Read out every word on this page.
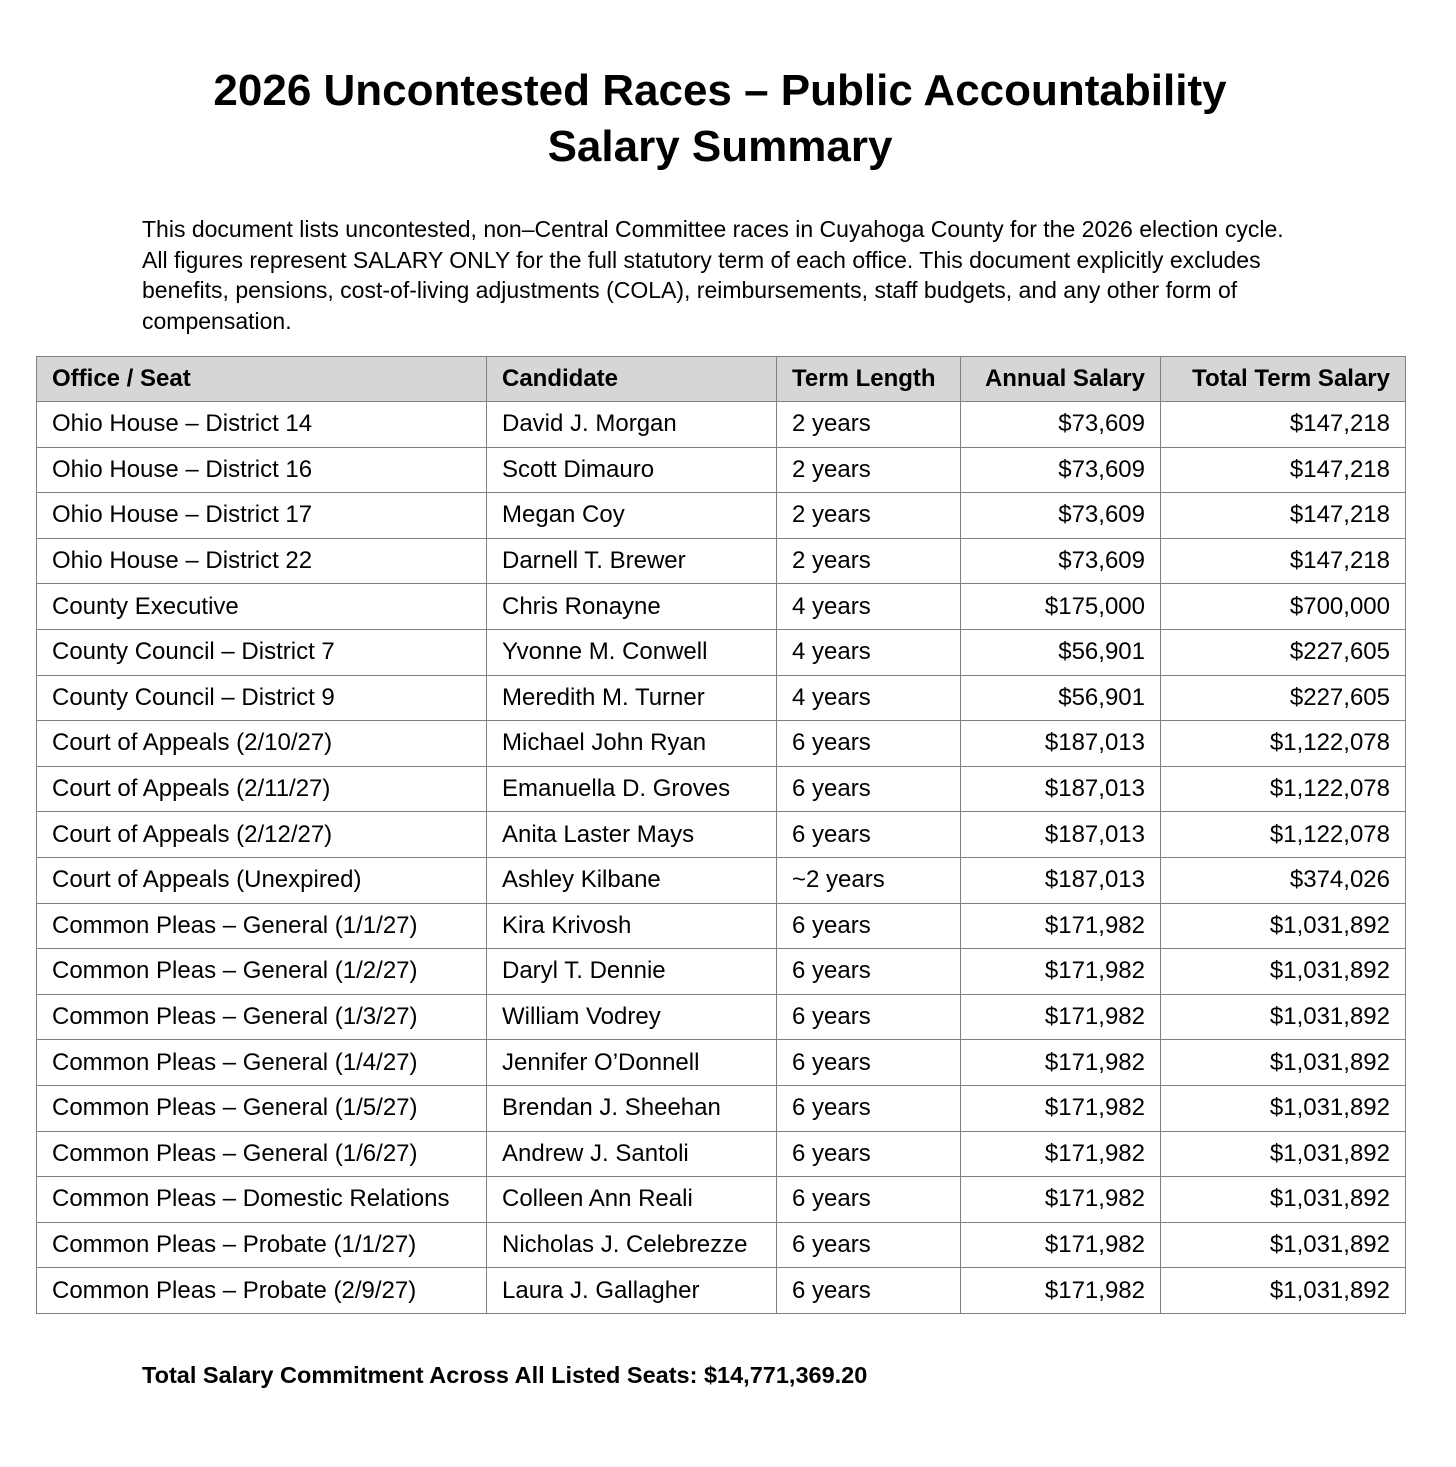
2026 Uncontested Races – Public Accountability
Salary Summary

This document lists uncontested, non–Central Committee races in Cuyahoga County for the 2026 election cycle. All figures represent SALARY ONLY for the full statutory term of each office. This document explicitly excludes benefits, pensions, cost-of-living adjustments (COLA), reimbursements, staff budgets, and any other form of compensation.

Office / Seat	Candidate	Term Length	Annual Salary	Total Term Salary
Ohio House – District 14	David J. Morgan	2 years	$73,609	$147,218
Ohio House – District 16	Scott Dimauro	2 years	$73,609	$147,218
Ohio House – District 17	Megan Coy	2 years	$73,609	$147,218
Ohio House – District 22	Darnell T. Brewer	2 years	$73,609	$147,218
County Executive	Chris Ronayne	4 years	$175,000	$700,000
County Council – District 7	Yvonne M. Conwell	4 years	$56,901	$227,605
County Council – District 9	Meredith M. Turner	4 years	$56,901	$227,605
Court of Appeals (2/10/27)	Michael John Ryan	6 years	$187,013	$1,122,078
Court of Appeals (2/11/27)	Emanuella D. Groves	6 years	$187,013	$1,122,078
Court of Appeals (2/12/27)	Anita Laster Mays	6 years	$187,013	$1,122,078
Court of Appeals (Unexpired)	Ashley Kilbane	~2 years	$187,013	$374,026
Common Pleas – General (1/1/27)	Kira Krivosh	6 years	$171,982	$1,031,892
Common Pleas – General (1/2/27)	Daryl T. Dennie	6 years	$171,982	$1,031,892
Common Pleas – General (1/3/27)	William Vodrey	6 years	$171,982	$1,031,892
Common Pleas – General (1/4/27)	Jennifer O’Donnell	6 years	$171,982	$1,031,892
Common Pleas – General (1/5/27)	Brendan J. Sheehan	6 years	$171,982	$1,031,892
Common Pleas – General (1/6/27)	Andrew J. Santoli	6 years	$171,982	$1,031,892
Common Pleas – Domestic Relations	Colleen Ann Reali	6 years	$171,982	$1,031,892
Common Pleas – Probate (1/1/27)	Nicholas J. Celebrezze	6 years	$171,982	$1,031,892
Common Pleas – Probate (2/9/27)	Laura J. Gallagher	6 years	$171,982	$1,031,892
Total Salary Commitment Across All Listed Seats: $14,771,369.20
